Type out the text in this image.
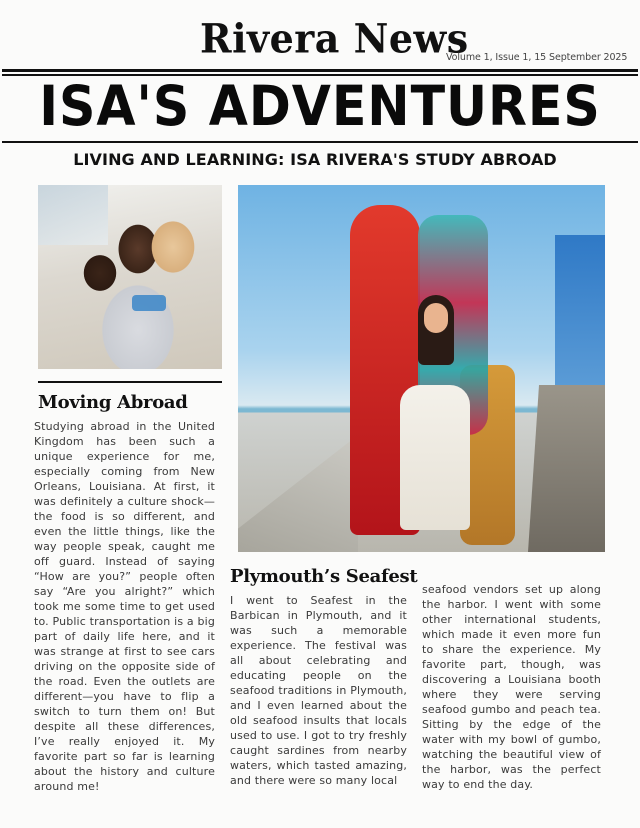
Rivera News
Volume 1, Issue 1, 15 September 2025
ISA'S ADVENTURES
LIVING AND LEARNING: ISA RIVERA'S STUDY ABROAD
Moving Abroad
Studying abroad in the United Kingdom has been such a unique experience for me, especially coming from New Orleans, Louisiana. At first, it was definitely a culture shock—the food is so different, and even the little things, like the way people speak, caught me off guard. Instead of saying “How are you?” people often say “Are you alright?” which took me some time to get used to. Public transportation is a big part of daily life here, and it was strange at first to see cars driving on the opposite side of the road. Even the outlets are different—you have to flip a switch to turn them on! But despite all these differences, I’ve really enjoyed it. My favorite part so far is learning about the history and culture around me!
Plymouth’s Seafest
I went to Seafest in the Barbican in Plymouth, and it was such a memorable experience. The festival was all about celebrating and educating people on the seafood traditions in Plymouth, and I even learned about the old seafood insults that locals used to use. I got to try freshly caught sardines from nearby waters, which tasted amazing, and there were so many local
seafood vendors set up along the harbor. I went with some other international students, which made it even more fun to share the experience. My favorite part, though, was discovering a Louisiana booth where they were serving seafood gumbo and peach tea. Sitting by the edge of the water with my bowl of gumbo, watching the beautiful view of the harbor, was the perfect way to end the day.
